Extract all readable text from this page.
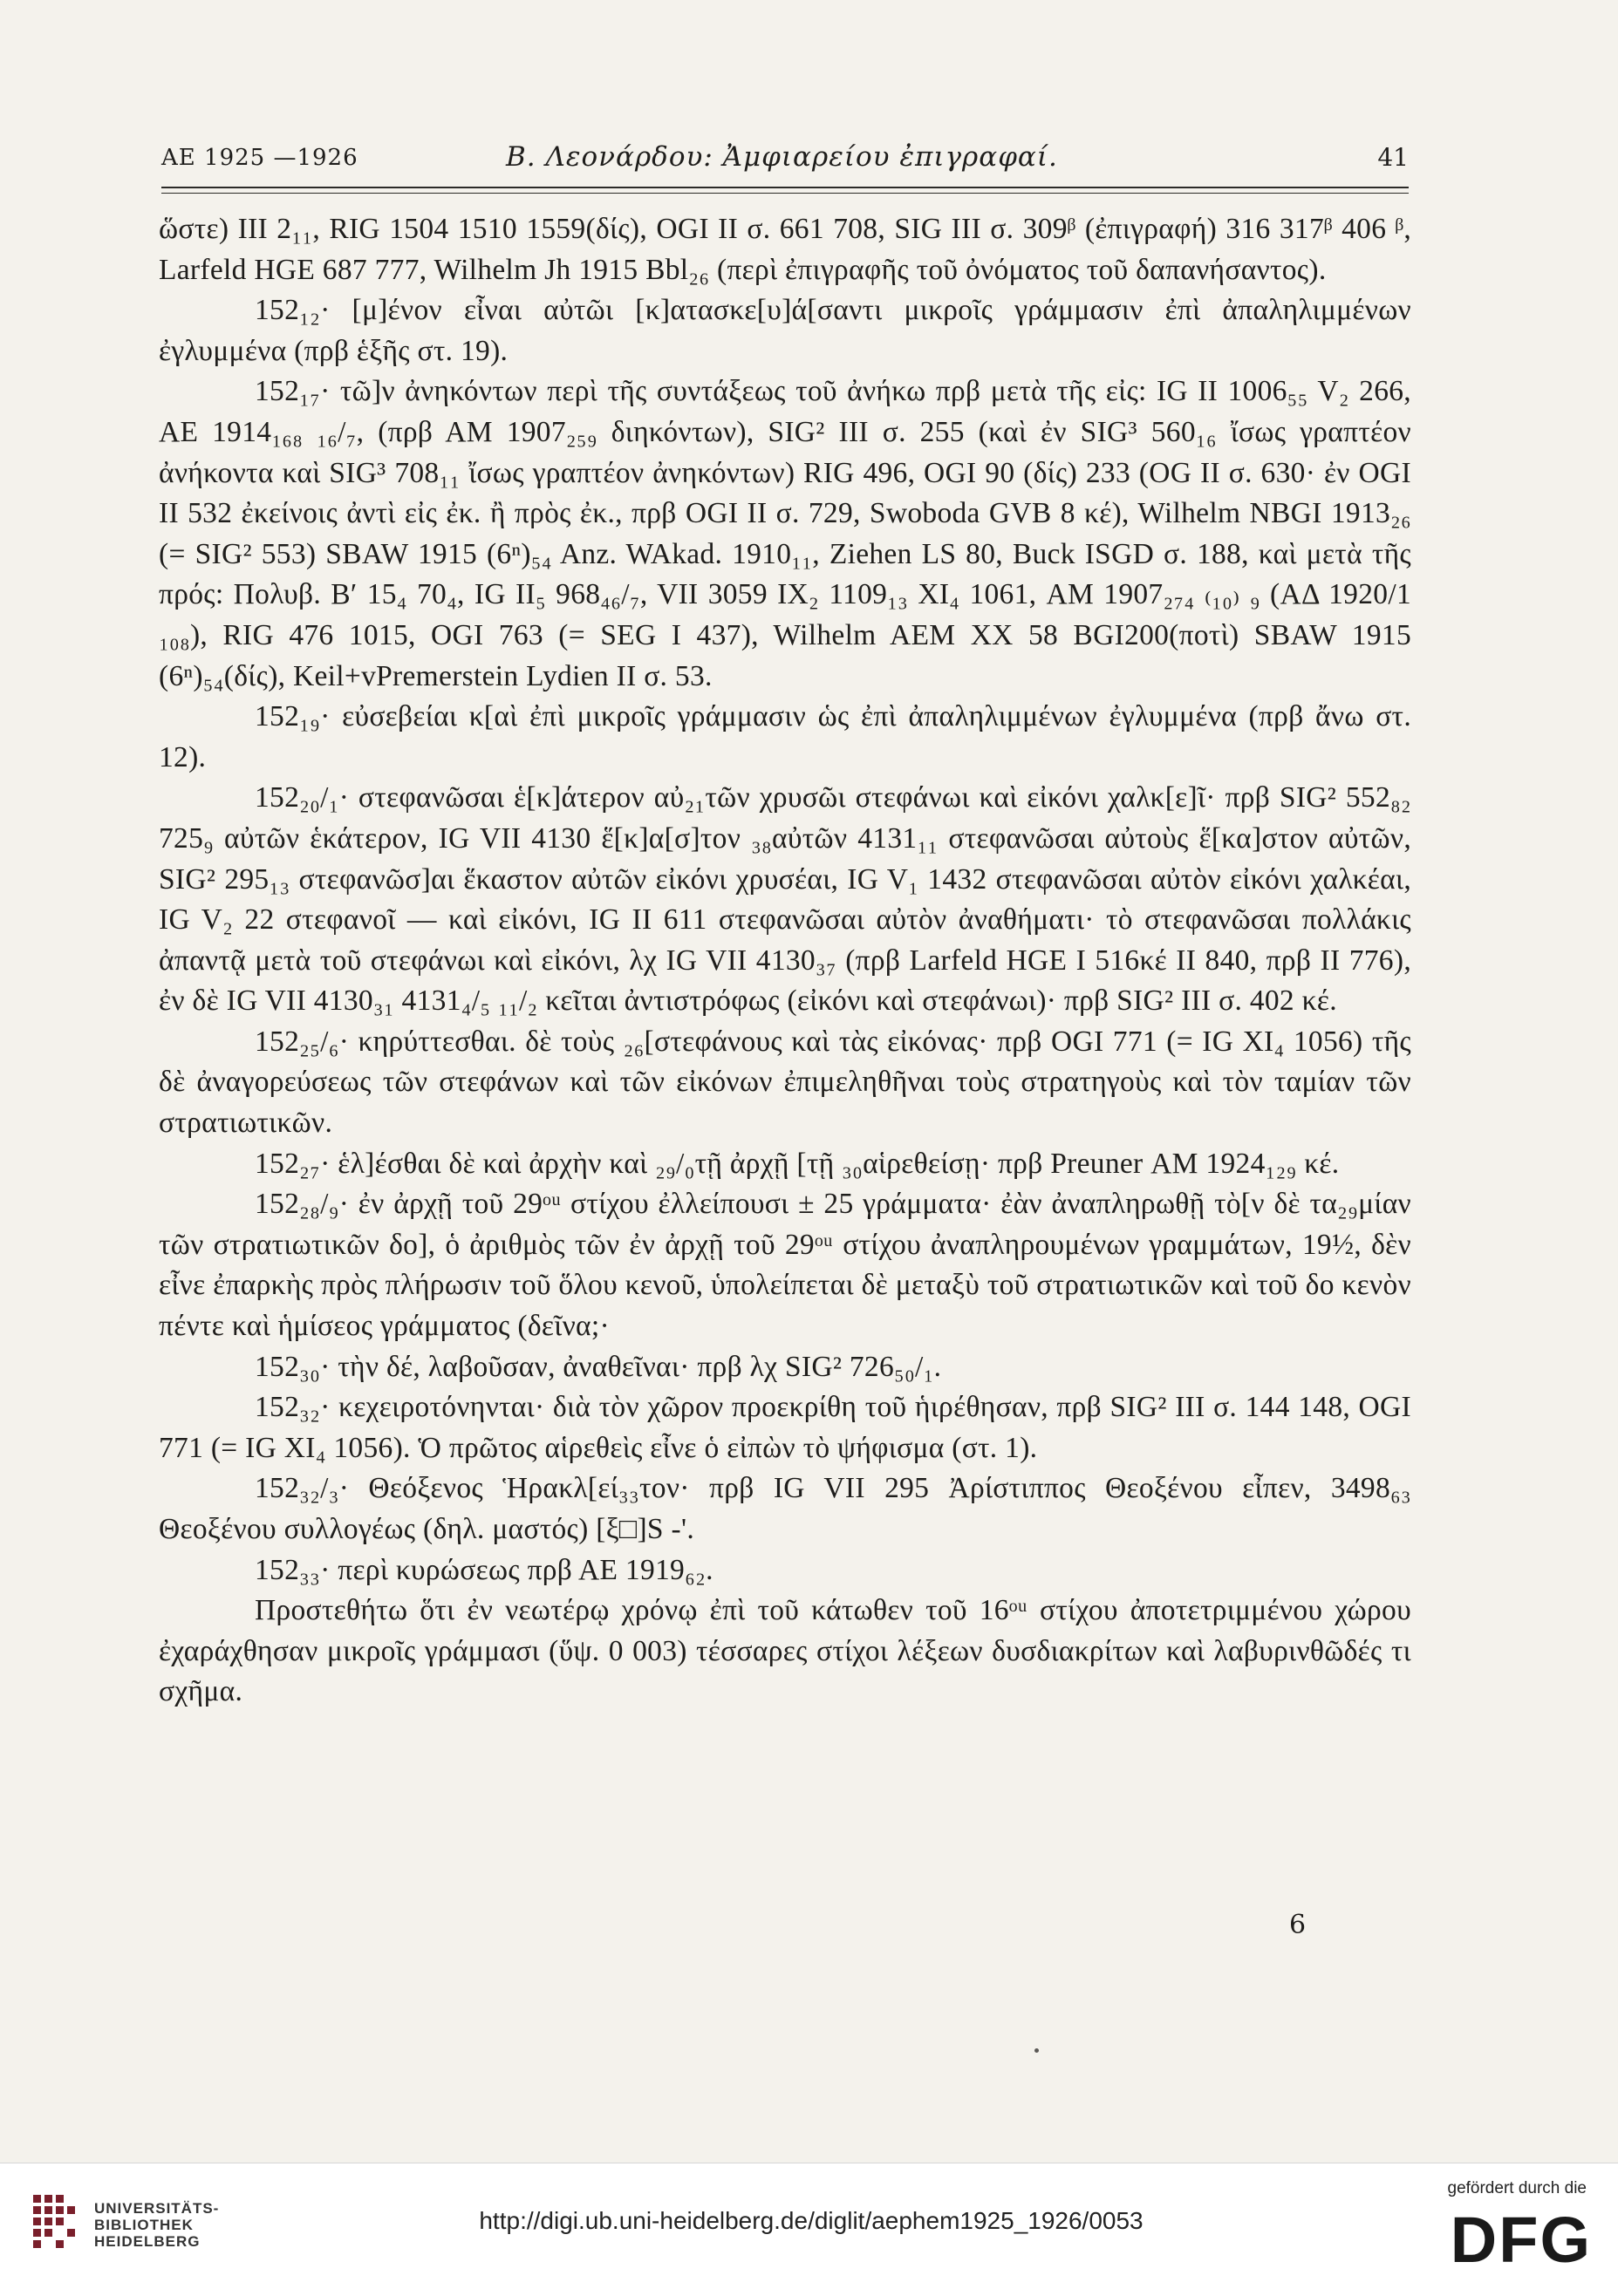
ΑΕ 1925 —1926	Β. Λεονάρδου: Ἀμφιαρείου ἐπιγραφαί.	41

ὥστε) III 2₁₁, RIG 1504 1510 1559(δίς), OGI II σ. 661 708, SIG III σ. 309ᵝ (ἐπιγραφή) 316 317ᵝ 406 ᵝ, Larfeld HGE 687 777, Wilhelm Jh 1915 Bbl₂₆ (περὶ ἐπιγραφῆς τοῦ ὀνόματος τοῦ δαπανήσαντος).

152₁₂· [μ]ένον εἶναι αὐτῶι [κ]ατασκε[υ]ά[σαντι μικροῖς γράμμασιν ἐπὶ ἀπαληλιμμένων ἐγλυμμένα (πρβ ἑξῆς στ. 19).

152₁₇· τῶ]ν ἀνηκόντων περὶ τῆς συντάξεως τοῦ ἀνήκω πρβ μετὰ τῆς εἰς: IG II 1006₅₅ V₂ 266, ΑΕ 1914₁₆₈ ₁₆/₇, (πρβ ΑΜ 1907₂₅₉ διηκόντων), SIG² III σ. 255 (καὶ ἐν SIG³ 560₁₆ ἴσως γραπτέον ἀνήκοντα καὶ SIG³ 708₁₁ ἴσως γραπτέον ἀνηκόντων) RIG 496, OGI 90 (δίς) 233 (OG II σ. 630· ἐν OGI II 532 ἐκείνοις ἀντὶ εἰς ἐκ. ἢ πρὸς ἐκ., πρβ OGI II σ. 729, Swoboda GVB 8 κέ), Wilhelm NBGI 1913₂₆ (= SIG² 553) SBAW 1915 (6ⁿ)₅₄ Anz. WAkad. 1910₁₁, Ziehen LS 80, Buck ISGD σ. 188, καὶ μετὰ τῆς πρός: Πολυβ. Β′ 15₄ 70₄, IG II₅ 968₄₆/₇, VII 3059 IX₂ 1109₁₃ XI₄ 1061, ΑΜ 1907₂₇₄ ₍₁₀₎ ₉ (ΑΔ 1920/1 ₁₀₈), RIG 476 1015, OGI 763 (= SEG I 437), Wilhelm AEM XX 58 BGI200(ποτὶ) SBAW 1915 (6ⁿ)₅₄(δίς), Keil+vPremerstein Lydien II σ. 53.

152₁₉· εὐσεβείαι κ[αὶ ἐπὶ μικροῖς γράμμασιν ὡς ἐπὶ ἀπαληλιμμένων ἐγλυμμένα (πρβ ἄνω στ. 12).

152₂₀/₁· στεφανῶσαι ἑ[κ]άτερον αὐ₂₁τῶν χρυσῶι στεφάνωι καὶ εἰκόνι χαλκ[ε]ῖ· πρβ SIG² 552₈₂ 725₉ αὐτῶν ἑκάτερον, IG VII 4130 ἕ[κ]α[σ]τον ₃₈αὐτῶν 4131₁₁ στεφανῶσαι αὐτοὺς ἕ[κα]στον αὐτῶν, SIG² 295₁₃ στεφανῶσ]αι ἕκαστον αὐτῶν εἰκόνι χρυσέαι, IG V₁ 1432 στεφανῶσαι αὐτὸν εἰκόνι χαλκέαι, IG V₂ 22 στεφανοῖ — καὶ εἰκόνι, IG II 611 στεφανῶσαι αὐτὸν ἀναθήματι· τὸ στεφανῶσαι πολλάκις ἀπαντᾷ μετὰ τοῦ στεφάνωι καὶ εἰκόνι, λχ IG VII 4130₃₇ (πρβ Larfeld HGE I 516κέ II 840, πρβ II 776), ἐν δὲ IG VII 4130₃₁ 4131₄/₅ ₁₁/₂ κεῖται ἀντιστρόφως (εἰκόνι καὶ στεφάνωι)· πρβ SIG² III σ. 402 κέ.

152₂₅/₆· κηρύττεσθαι. δὲ τοὺς ₂₆[στεφάνους καὶ τὰς εἰκόνας· πρβ OGI 771 (= IG XI₄ 1056) τῆς δὲ ἀναγορεύσεως τῶν στεφάνων καὶ τῶν εἰκόνων ἐπιμεληθῆναι τοὺς στρατηγοὺς καὶ τὸν ταμίαν τῶν στρατιωτικῶν.

152₂₇· ἑλ]έσθαι δὲ καὶ ἀρχὴν καὶ ₂₉/₀τῇ ἀρχῇ [τῇ ₃₀αἱρεθείσῃ· πρβ Preuner ΑΜ 1924₁₂₉ κέ.

152₂₈/₉· ἐν ἀρχῇ τοῦ 29ᵒᵘ στίχου ἐλλείπουσι ± 25 γράμματα· ἐὰν ἀναπληρωθῇ τὸ[ν δὲ τα₂₉μίαν τῶν στρατιωτικῶν δο], ὁ ἀριθμὸς τῶν ἐν ἀρχῇ τοῦ 29ᵒᵘ στίχου ἀναπληρουμένων γραμμάτων, 19½, δὲν εἶνε ἐπαρκὴς πρὸς πλήρωσιν τοῦ ὅλου κενοῦ, ὑπολείπεται δὲ μεταξὺ τοῦ στρατιωτικῶν καὶ τοῦ δο κενὸν πέντε καὶ ἡμίσεος γράμματος (δεῖνα;·

152₃₀· τὴν δέ, λαβοῦσαν, ἀναθεῖναι· πρβ λχ SIG² 726₅₀/₁.

152₃₂· κεχειροτόνηνται· διὰ τὸν χῶρον προεκρίθη τοῦ ἡιρέθησαν, πρβ SIG² III σ. 144 148, OGI 771 (= IG XI₄ 1056). Ὁ πρῶτος αἱρεθεὶς εἶνε ὁ εἰπὼν τὸ ψήφισμα (στ. 1).

152₃₂/₃· Θεόξενος Ἡρακλ[εί₃₃τον· πρβ IG VII 295 Ἀρίστιππος Θεοξένου εἶπεν, 3498₆₃ Θεοξένου συλλογέως (δηλ. μαστός) [ξ□]S -'.

152₃₃· περὶ κυρώσεως πρβ ΑΕ 1919₆₂.

Προστεθήτω ὅτι ἐν νεωτέρῳ χρόνῳ ἐπὶ τοῦ κάτωθεν τοῦ 16ᵒᵘ στίχου ἀποτετριμμένου χώρου ἐχαράχθησαν μικροῖς γράμμασι (ὕψ. 0 003) τέσσαρες στίχοι λέξεων δυσδιακρίτων καὶ λαβυρινθῶδές τι σχῆμα.

6
UNIVERSITÄTS-
BIBLIOTHEK
HEIDELBERG
http://digi.ub.uni-heidelberg.de/diglit/aephem1925_1926/0053
gefördert durch die
DFG
